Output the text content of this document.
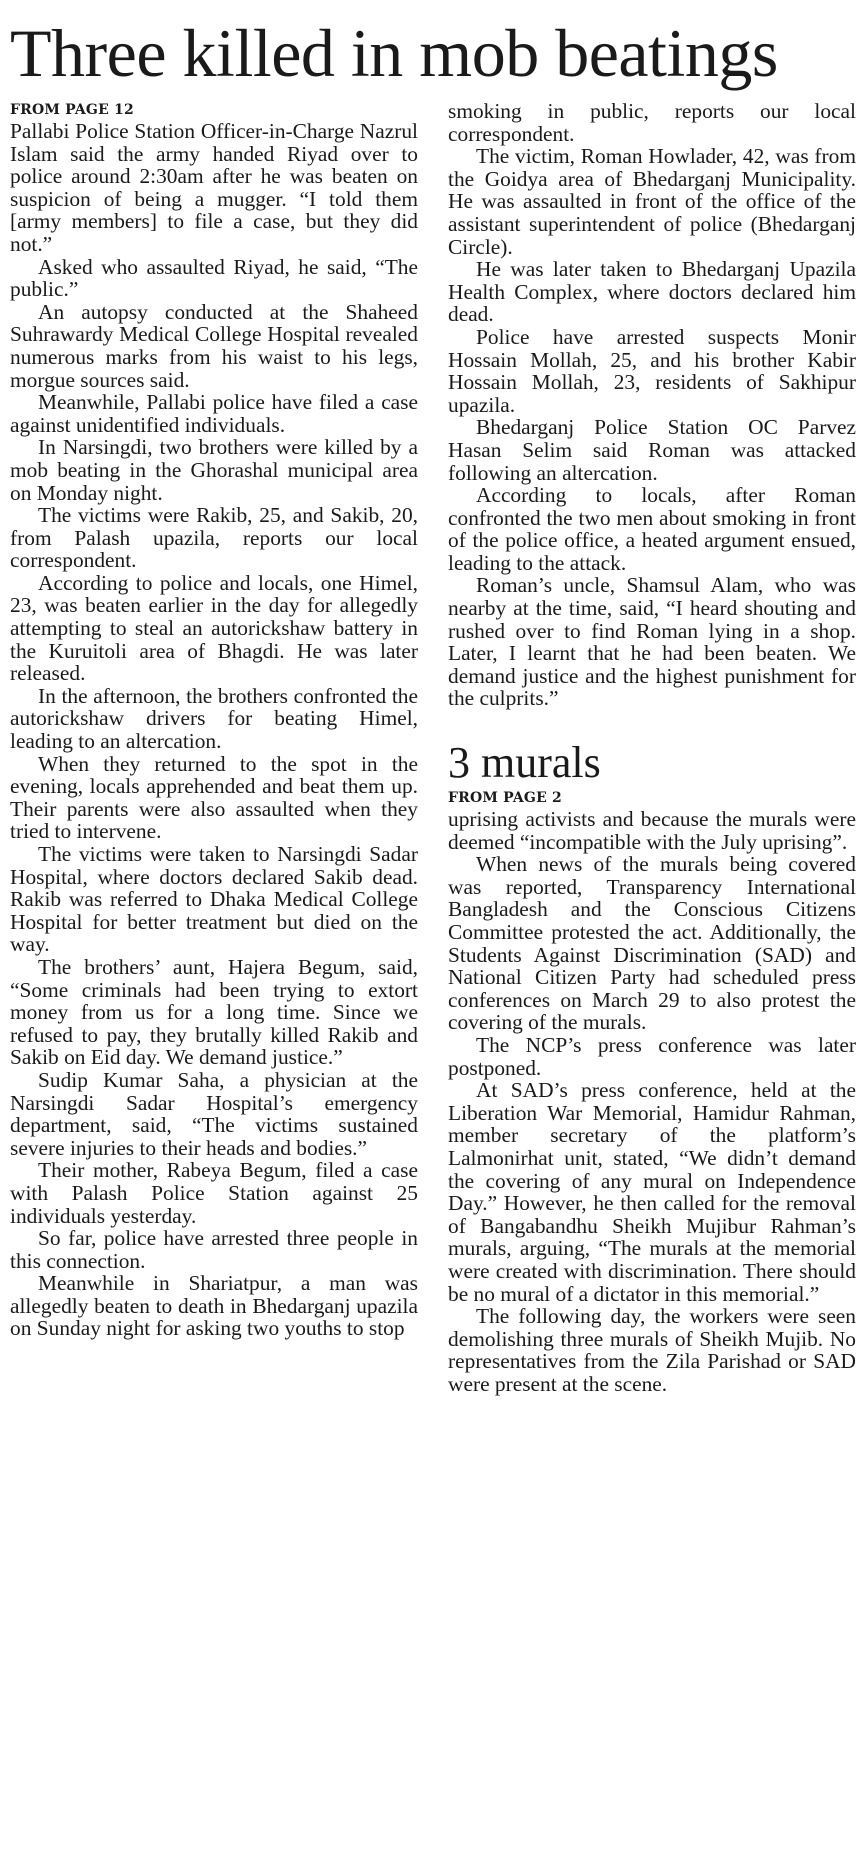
Three killed in mob beatings
FROM PAGE 12

Pallabi Police Station Officer-in-Charge Nazrul Islam said the army handed Riyad over to police around 2:30am after he was beaten on suspicion of being a mugger. “I told them [army members] to file a case, but they did not.”

Asked who assaulted Riyad, he said, “The public.”

An autopsy conducted at the Shaheed Suhrawardy Medical College Hospital revealed numerous marks from his waist to his legs, morgue sources said.

Meanwhile, Pallabi police have filed a case against unidentified individuals.

In Narsingdi, two brothers were killed by a mob beating in the Ghorashal municipal area on Monday night.

The victims were Rakib, 25, and Sakib, 20, from Palash upazila, reports our local correspondent.

According to police and locals, one Himel, 23, was beaten earlier in the day for allegedly attempting to steal an autorickshaw battery in the Kuruitoli area of Bhagdi. He was later released.

In the afternoon, the brothers confronted the autorickshaw drivers for beating Himel, leading to an altercation.

When they returned to the spot in the evening, locals apprehended and beat them up. Their parents were also assaulted when they tried to intervene.

The victims were taken to Narsingdi Sadar Hospital, where doctors declared Sakib dead. Rakib was referred to Dhaka Medical College Hospital for better treatment but died on the way.

The brothers’ aunt, Hajera Begum, said, “Some criminals had been trying to extort money from us for a long time. Since we refused to pay, they brutally killed Rakib and Sakib on Eid day. We demand justice.”

Sudip Kumar Saha, a physician at the Narsingdi Sadar Hospital’s emergency department, said, “The victims sustained severe injuries to their heads and bodies.”

Their mother, Rabeya Begum, filed a case with Palash Police Station against 25 individuals yesterday.

So far, police have arrested three people in this connection.

Meanwhile in Shariatpur, a man was allegedly beaten to death in Bhedarganj upazila on Sunday night for asking two youths to stop

smoking in public, reports our local correspondent.

The victim, Roman Howlader, 42, was from the Goidya area of Bhedarganj Municipality. He was assaulted in front of the office of the assistant superintendent of police (Bhedarganj Circle).

He was later taken to Bhedarganj Upazila Health Complex, where doctors declared him dead.

Police have arrested suspects Monir Hossain Mollah, 25, and his brother Kabir Hossain Mollah, 23, residents of Sakhipur upazila.

Bhedarganj Police Station OC Parvez Hasan Selim said Roman was attacked following an altercation.

According to locals, after Roman confronted the two men about smoking in front of the police office, a heated argument ensued, leading to the attack.

Roman’s uncle, Shamsul Alam, who was nearby at the time, said, “I heard shouting and rushed over to find Roman lying in a shop. Later, I learnt that he had been beaten. We demand justice and the highest punishment for the culprits.”

3 murals
FROM PAGE 2

uprising activists and because the murals were deemed “incompatible with the July uprising”.

When news of the murals being covered was reported, Transparency International Bangladesh and the Conscious Citizens Committee protested the act. Additionally, the Students Against Discrimination (SAD) and National Citizen Party had scheduled press conferences on March 29 to also protest the covering of the murals.

The NCP’s press conference was later postponed.

At SAD’s press conference, held at the Liberation War Memorial, Hamidur Rahman, member secretary of the platform’s Lalmonirhat unit, stated, “We didn’t demand the covering of any mural on Independence Day.” However, he then called for the removal of Bangabandhu Sheikh Mujibur Rahman’s murals, arguing, “The murals at the memorial were created with discrimination. There should be no mural of a dictator in this memorial.”

The following day, the workers were seen demolishing three murals of Sheikh Mujib. No representatives from the Zila Parishad or SAD were present at the scene.
